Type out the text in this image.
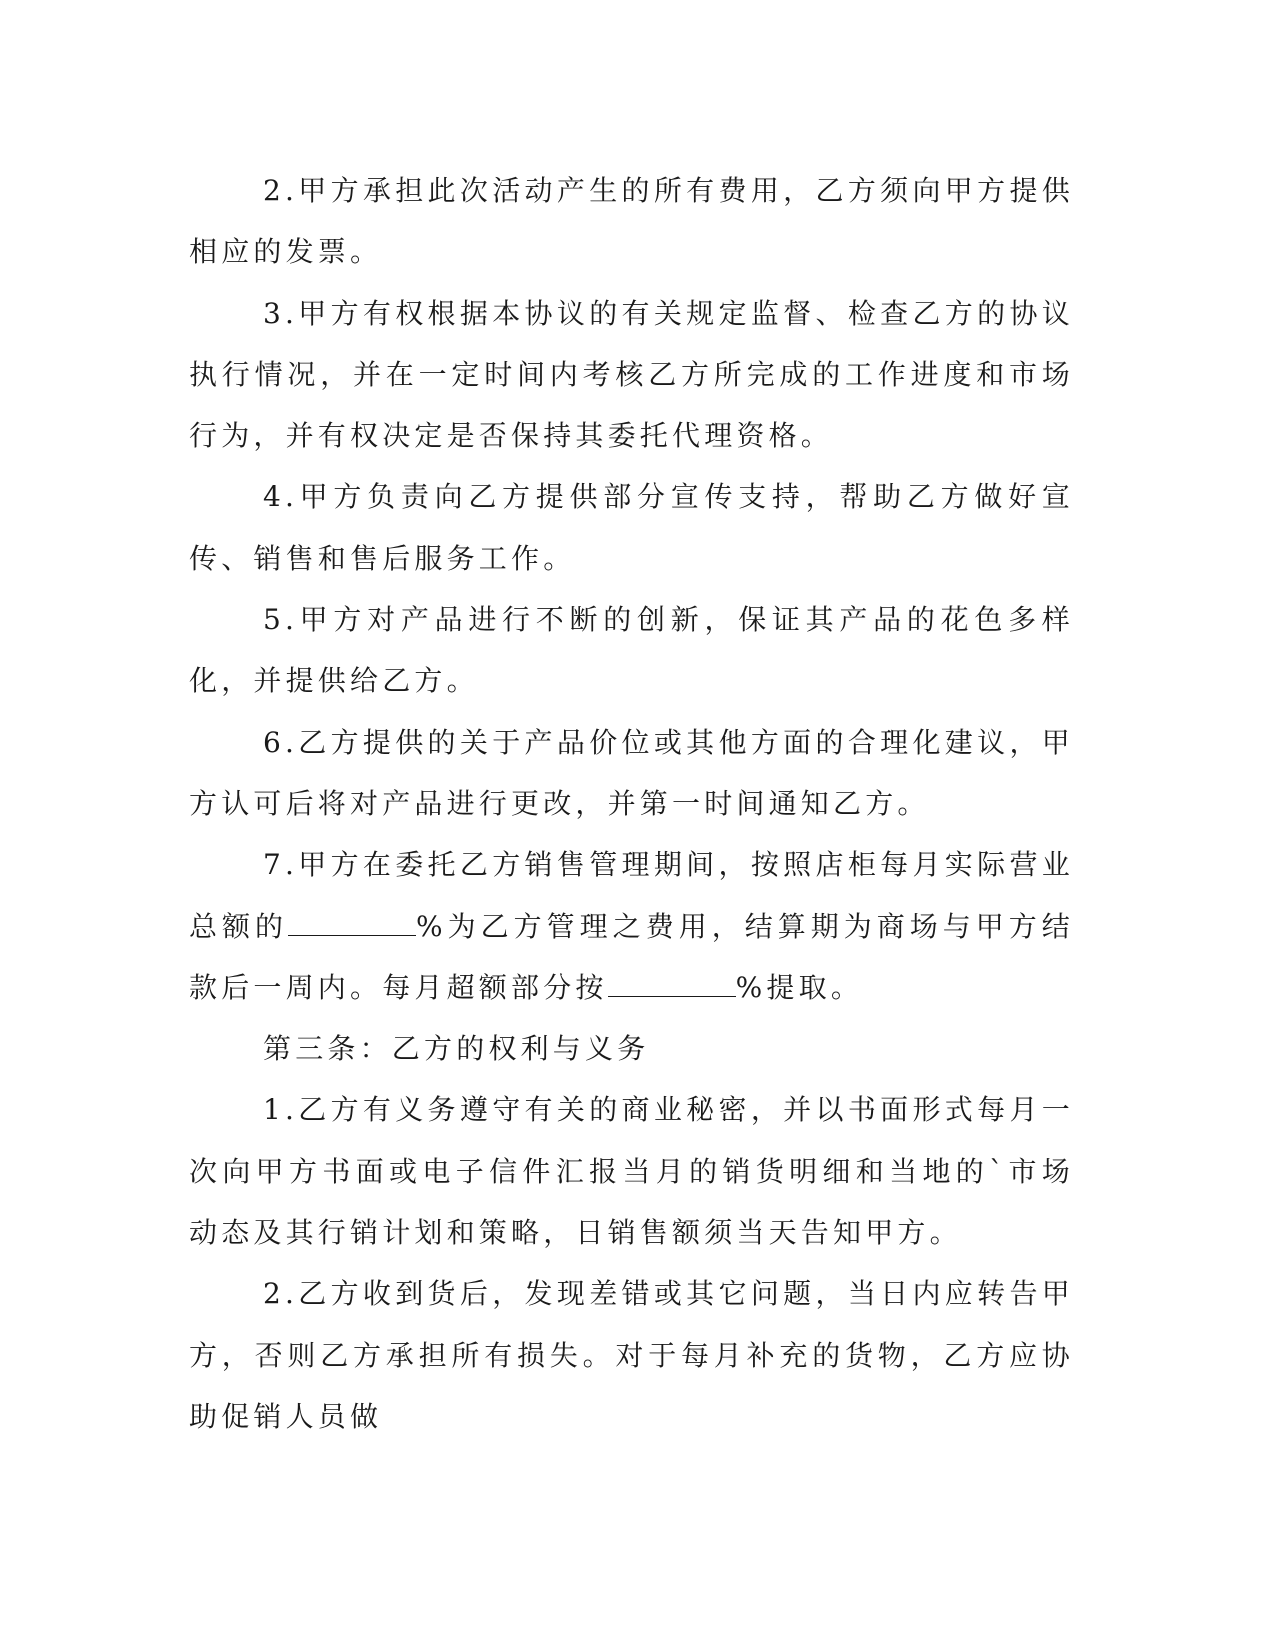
2.甲方承担此次活动产生的所有费用，乙方须向甲方提供相应的发票。

3.甲方有权根据本协议的有关规定监督、检查乙方的协议执行情况，并在一定时间内考核乙方所完成的工作进度和市场行为，并有权决定是否保持其委托代理资格。

4.甲方负责向乙方提供部分宣传支持，帮助乙方做好宣传、销售和售后服务工作。

5.甲方对产品进行不断的创新，保证其产品的花色多样化，并提供给乙方。

6.乙方提供的关于产品价位或其他方面的合理化建议，甲方认可后将对产品进行更改，并第一时间通知乙方。

7.甲方在委托乙方销售管理期间，按照店柜每月实际营业总额的	%为乙方管理之费用，结算期为商场与甲方结款后一周内。每月超额部分按	%提取。

第三条：乙方的权利与义务

1.乙方有义务遵守有关的商业秘密，并以书面形式每月一次向甲方书面或电子信件汇报当月的销货明细和当地的`市场动态及其行销计划和策略，日销售额须当天告知甲方。

2.乙方收到货后，发现差错或其它问题，当日内应转告甲方，否则乙方承担所有损失。对于每月补充的货物，乙方应协助促销人员做
